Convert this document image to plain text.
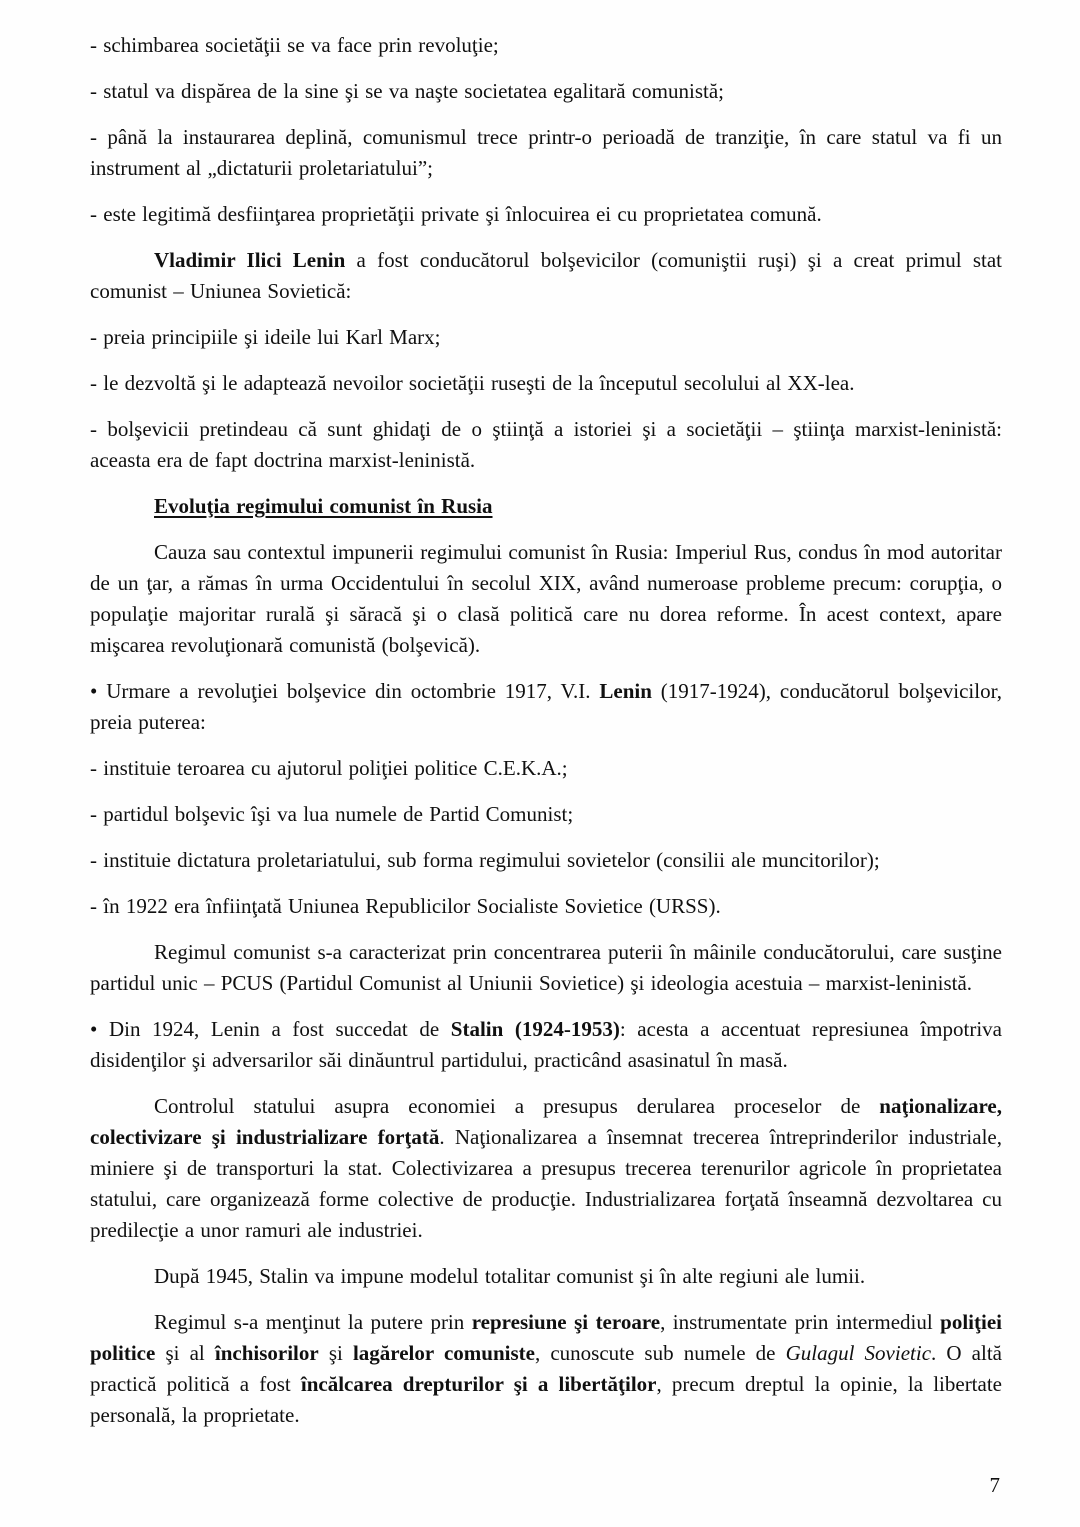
- schimbarea societăţii se va face prin revoluţie;

- statul va dispărea de la sine şi se va naşte societatea egalitară comunistă;

- până la instaurarea deplină, comunismul trece printr-o perioadă de tranziţie, în care statul va fi un instrument al „dictaturii proletariatului”;

- este legitimă desfiinţarea proprietăţii private şi înlocuirea ei cu proprietatea comună.

Vladimir Ilici Lenin a fost conducătorul bolşevicilor (comuniştii ruşi) şi a creat primul stat comunist – Uniunea Sovietică:

- preia principiile şi ideile lui Karl Marx;

- le dezvoltă şi le adaptează nevoilor societăţii ruseşti de la începutul secolului al XX-lea.

- bolşevicii pretindeau că sunt ghidaţi de o ştiinţă a istoriei şi a societăţii – ştiinţa marxist-leninistă: aceasta era de fapt doctrina marxist-leninistă.

Evoluţia regimului comunist în Rusia

Cauza sau contextul impunerii regimului comunist în Rusia: Imperiul Rus, condus în mod autoritar de un ţar, a rămas în urma Occidentului în secolul XIX, având numeroase probleme precum: corupţia, o populaţie majoritar rurală şi săracă şi o clasă politică care nu dorea reforme. În acest context, apare mişcarea revoluţionară comunistă (bolşevică).

• Urmare a revoluţiei bolşevice din octombrie 1917, V.I. Lenin (1917-1924), conducătorul bolşevicilor, preia puterea:

- instituie teroarea cu ajutorul poliţiei politice C.E.K.A.;

- partidul bolşevic îşi va lua numele de Partid Comunist;

- instituie dictatura proletariatului, sub forma regimului sovietelor (consilii ale muncitorilor);

- în 1922 era înfiinţată Uniunea Republicilor Socialiste Sovietice (URSS).

Regimul comunist s-a caracterizat prin concentrarea puterii în mâinile conducătorului, care susţine partidul unic – PCUS (Partidul Comunist al Uniunii Sovietice) şi ideologia acestuia – marxist-leninistă.

• Din 1924, Lenin a fost succedat de Stalin (1924-1953): acesta a accentuat represiunea împotriva disidenţilor şi adversarilor săi dinăuntrul partidului, practicând asasinatul în masă.

Controlul statului asupra economiei a presupus derularea proceselor de naţionalizare, colectivizare şi industrializare forţată. Naţionalizarea a însemnat trecerea întreprinderilor industriale, miniere şi de transporturi la stat. Colectivizarea a presupus trecerea terenurilor agricole în proprietatea statului, care organizează forme colective de producţie. Industrializarea forţată înseamnă dezvoltarea cu predilecţie a unor ramuri ale industriei.

După 1945, Stalin va impune modelul totalitar comunist şi în alte regiuni ale lumii.

Regimul s-a menţinut la putere prin represiune şi teroare, instrumentate prin intermediul poliţiei politice şi al închisorilor şi lagărelor comuniste, cunoscute sub numele de Gulagul Sovietic. O altă practică politică a fost încălcarea drepturilor şi a libertăţilor, precum dreptul la opinie, la libertate personală, la proprietate.

7
